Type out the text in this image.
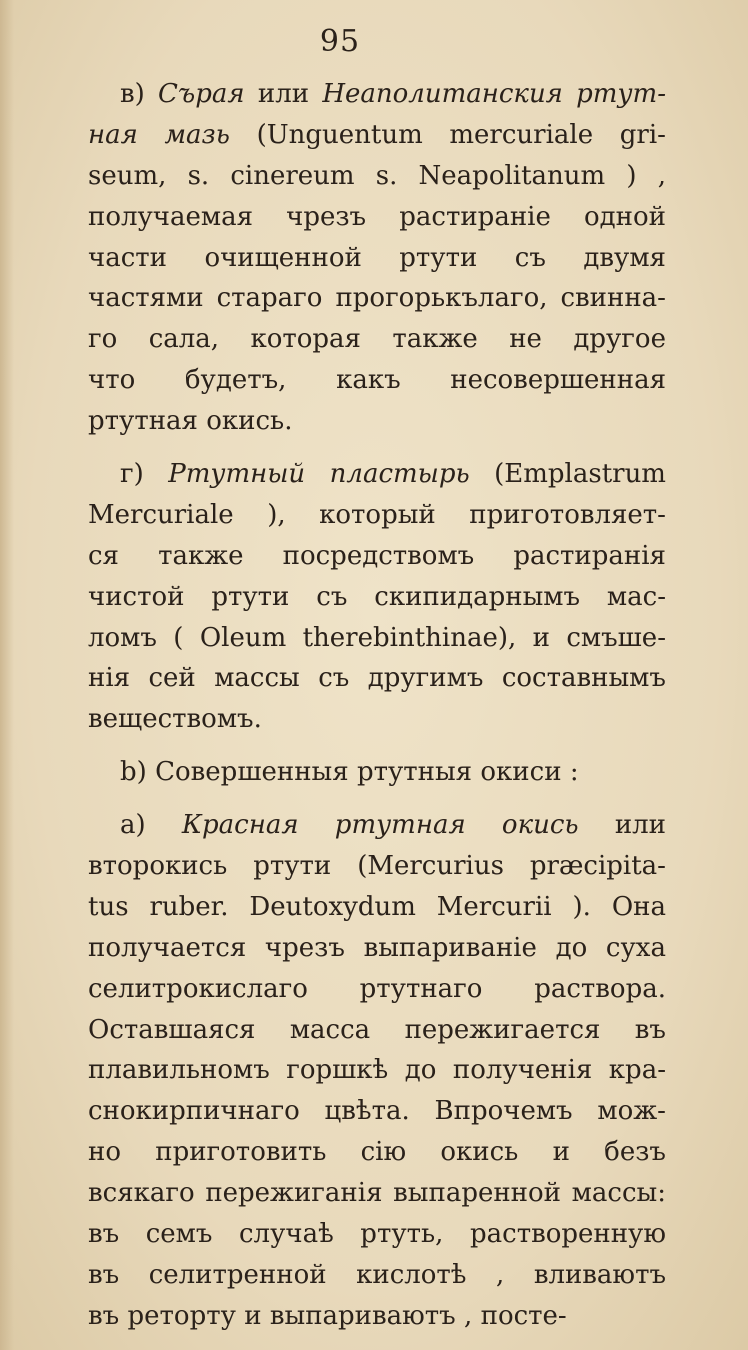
95
в) Сърая или Неаполитанския ртут-
ная мазь (Unguentum mercuriale gri-
seum, s. cinereum s. Neapolitanum ) ,
получаемая чрезъ растираніе одной
части очищенной ртути съ двумя
частями стараго прогорькълаго, свинна-
го сала, которая также не другое
что будетъ, какъ несовершенная
ртутная окись.
г) Ртутный пластырь (Emplastrum
Mercuriale ), который приготовляет-
ся также посредствомъ растиранія
чистой ртути съ скипидарнымъ мас-
ломъ ( Oleum therebinthinae), и смъше-
нія сей массы съ другимъ составнымъ
веществомъ.
b) Совершенныя ртутныя окиси :
a) Красная ртутная окись или
второкись ртути (Mercurius præcipita-
tus ruber. Deutoxydum Mercurii ). Она
получается чрезъ выпариваніе до суха
селитрокислаго ртутнаго раствора.
Оставшаяся масса пережигается въ
плавильномъ горшкѣ до полученія кра-
снокирпичнаго цвѣта. Впрочемъ мож-
но приготовить сію окись и безъ
всякаго пережиганія выпаренной массы:
въ семъ случаѣ ртуть, растворенную
въ селитренной кислотѣ , вливаютъ
въ реторту и выпариваютъ , посте-
